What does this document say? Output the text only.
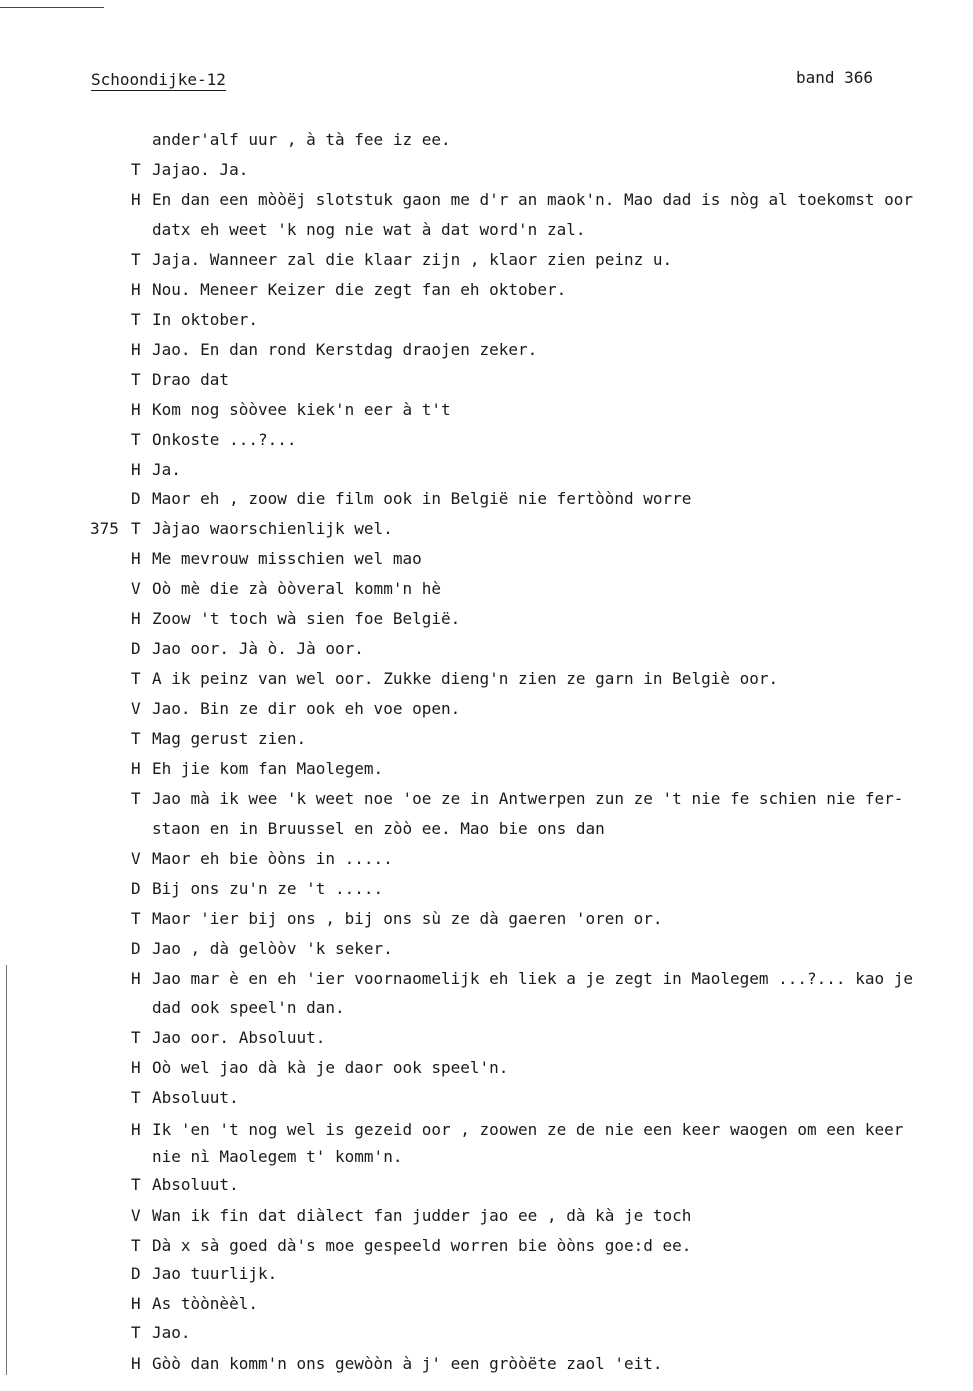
Schoondijke-12	band 366
ander'alf uur , à tà fee iz ee.
T Jajao. Ja.
H En dan een mòòëj slotstuk gaon me d'r an maok'n. Mao dad is nòg al toekomst oor
datx eh weet 'k nog nie wat à dat word'n zal.
T Jaja. Wanneer zal die klaar zijn , klaor zien peinz u.
H Nou. Meneer Keizer die zegt fan eh oktober.
T In oktober.
H Jao. En dan rond Kerstdag draojen zeker.
T Drao dat
H Kom nog sòòvee kiek'n eer à t't
T Onkoste ...?...
H Ja.
D Maor eh , zoow die film ook in België nie fertòònd worre
T Jàjao waorschienlijk wel.
H Me mevrouw misschien wel mao
V Oò mè die zà òòveral komm'n hè
H Zoow 't toch wà sien foe België.
D Jao oor. Jà ò. Jà oor.
T A ik peinz van wel oor. Zukke dieng'n zien ze garn in Belgiè oor.
V Jao. Bin ze dir ook eh voe open.
T Mag gerust zien.
H Eh jie kom fan Maolegem.
T Jao mà ik wee 'k weet noe 'oe ze in Antwerpen zun ze 't nie fe schien nie fer-
staon en in Bruussel en zòò ee. Mao bie ons dan
V Maor eh bie òòns in .....
D Bij ons zu'n ze 't .....
T Maor 'ier bij ons , bij ons sù ze dà gaeren 'oren or.
D Jao , dà gelòòv 'k seker.
H Jao mar è en eh 'ier voornaomelijk eh liek a je zegt in Maolegem ...?... kao je
dad ook speel'n dan.
T Jao oor. Absoluut.
H Oò wel jao dà kà je daor ook speel'n.
T Absoluut.
H Ik 'en 't nog wel is gezeid oor , zoowen ze de nie een keer waogen om een keer
nie nì Maolegem t' komm'n.
T Absoluut.
V Wan ik fin dat diàlect fan judder jao ee , dà kà je toch
T Dà x sà goed dà's moe gespeeld worren bie òòns goe:d ee.
D Jao tuurlijk.
H As tòònèèl.
T Jao.
H Gòò dan komm'n ons gewòòn à j' een gròòëte zaol 'eit.
375
